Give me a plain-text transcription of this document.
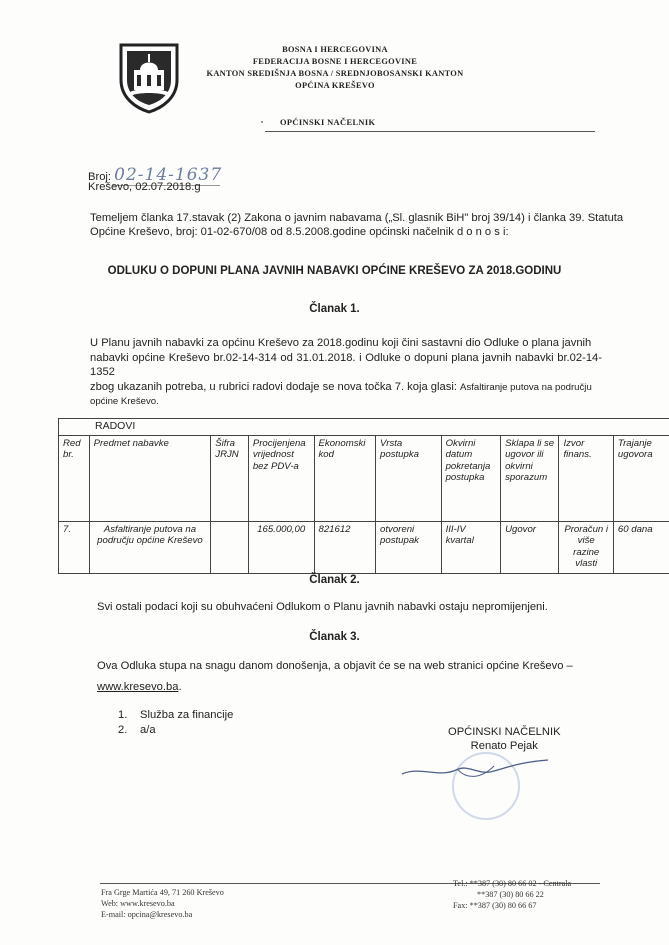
BOSNA I HERCEGOVINA
FEDERACIJA BOSNE I HERCEGOVINE
KANTON SREDIŠNJA BOSNA / SREDNJOBOSANSKI KANTON
OPĆINA KREŠEVO
OPĆINSKI NAČELNIK
Broj: 02-14-1637
Kreševo, 02.07.2018.g
Temeljem članka 17.stavak (2) Zakona o javnim nabavama („Sl. glasnik BiH" broj 39/14) i članka 39. Statuta
Općine Kreševo, broj: 01-02-670/08 od 8.5.2008.godine općinski načelnik d o n o s i:
ODLUKU O DOPUNI PLANA JAVNIH NABAVKI OPĆINE KREŠEVO ZA 2018.GODINU
Članak 1.
U Planu javnih nabavki za općinu Kreševo za 2018.godinu koji čini sastavni dio Odluke o plana javnih
nabavki općine Kreševo br.02-14-314 od 31.01.2018. i Odluke o dopuni plana javnih nabavki br.02-14-1352
zbog ukazanih potreba, u rubrici radovi dodaje se nova točka 7. koja glasi: Asfaltiranje putova na području
općine Kreševo.
RADOVI									
Red br.	Predmet nabavke	Šifra JRJN	Procijenjena vrijednost bez PDV-a	Ekonomski kod	Vrsta postupka	Okvirni datum pokretanja postupka	Sklapa li se ugovor ili okvirni sporazum	Izvor finans.	Trajanje ugovora
7.	Asfaltiranje putova na području općine Kreševo		165.000,00	821612	otvoreni postupak	III-IV kvartal	Ugovor	Proračun i više razine vlasti	60 dana
Članak 2.
Svi ostali podaci koji su obuhvaćeni Odlukom o Planu javnih nabavki ostaju nepromijenjeni.
Članak 3.
Ova Odluka stupa na snagu danom donošenja, a objavit će se na web stranici općine Kreševo –
www.kresevo.ba.
1. Služba za financije
2. a/a	OPĆINSKI NAČELNIK
Renato Pejak
Fra Grge Martića 49, 71 260 Kreševo
Web: www.kresevo.ba
E-mail: opcina@kresevo.ba
Tel.: **387 (30) 80 66 02 - Centrala
**387 (30) 80 66 22
Fax: **387 (30) 80 66 67
